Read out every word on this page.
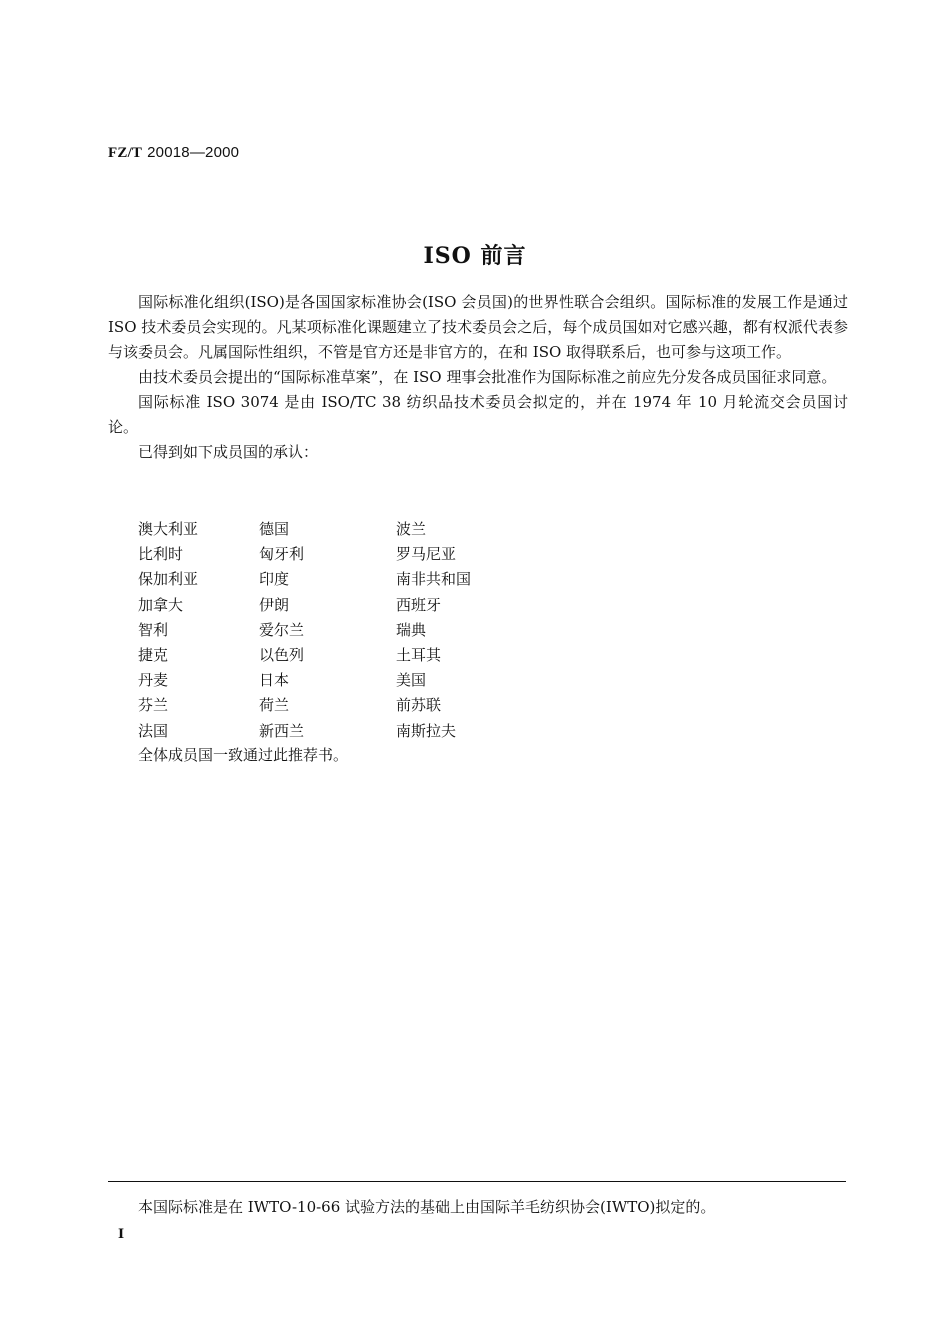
FZ/T 20018—2000
ISO 前言

国际标准化组织(ISO)是各国国家标准协会(ISO 会员国)的世界性联合会组织。国际标准的发展工作是通过 ISO 技术委员会实现的。凡某项标准化课题建立了技术委员会之后，每个成员国如对它感兴趣，都有权派代表参与该委员会。凡属国际性组织，不管是官方还是非官方的，在和 ISO 取得联系后，也可参与这项工作。

由技术委员会提出的“国际标准草案”，在 ISO 理事会批准作为国际标准之前应先分发各成员国征求同意。

国际标准 ISO 3074 是由 ISO/TC 38 纺织品技术委员会拟定的，并在 1974 年 10 月轮流交会员国讨论。

已得到如下成员国的承认：

澳大利亚	德国	波兰
比利时	匈牙利	罗马尼亚
保加利亚	印度	南非共和国
加拿大	伊朗	西班牙
智利	爱尔兰	瑞典
捷克	以色列	土耳其
丹麦	日本	美国
芬兰	荷兰	前苏联
法国	新西兰	南斯拉夫
全体成员国一致通过此推荐书。
本国际标准是在 IWTO-10-66 试验方法的基础上由国际羊毛纺织协会(IWTO)拟定的。
I
